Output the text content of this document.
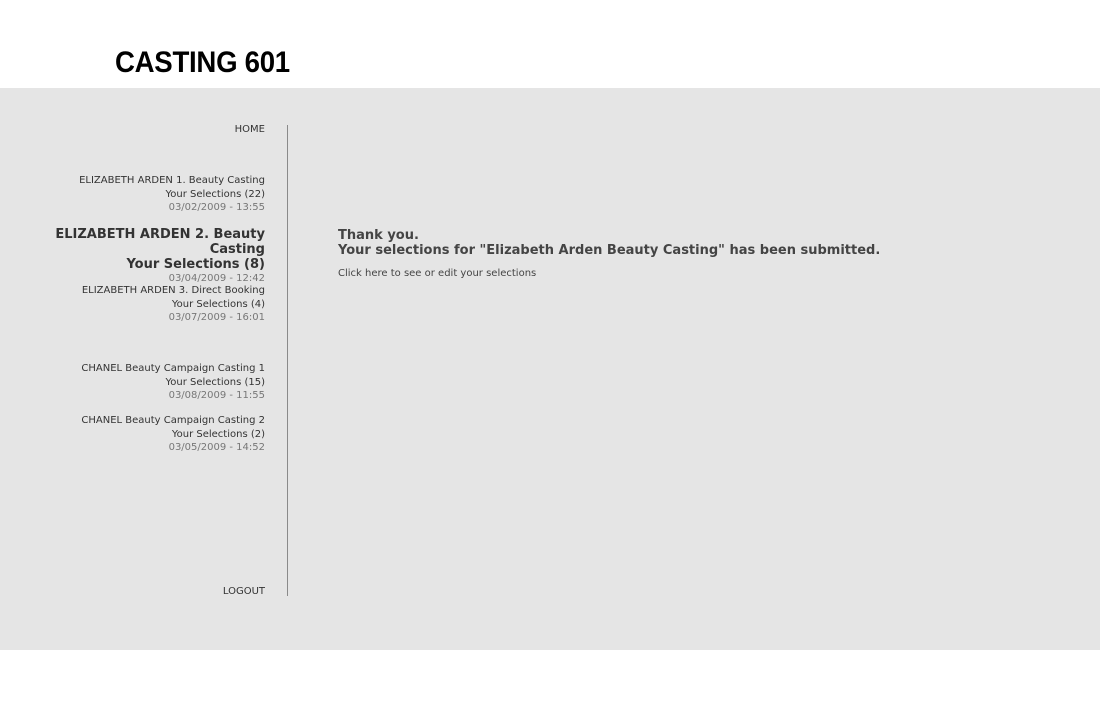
CASTING 601
HOME
ELIZABETH ARDEN 1. Beauty Casting
Your Selections (22)
03/02/2009 - 13:55
ELIZABETH ARDEN 2. Beauty Casting
Your Selections (8)
03/04/2009 - 12:42
ELIZABETH ARDEN 3. Direct Booking
Your Selections (4)
03/07/2009 - 16:01
CHANEL Beauty Campaign Casting 1
Your Selections (15)
03/08/2009 - 11:55
CHANEL Beauty Campaign Casting 2
Your Selections (2)
03/05/2009 - 14:52
LOGOUT
Thank you.
Your selections for "Elizabeth Arden Beauty Casting" has been submitted.
Click here to see or edit your selections
